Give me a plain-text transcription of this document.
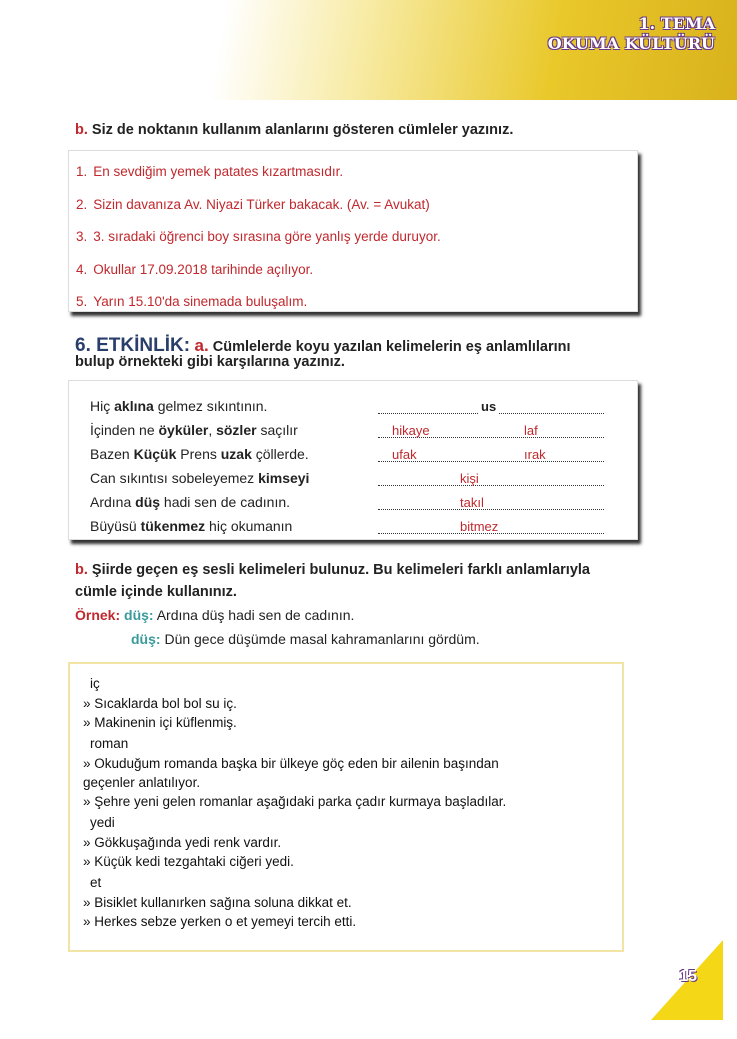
1. TEMA
OKUMA KÜLTÜRÜ
b. Siz de noktanın kullanım alanlarını gösteren cümleler yazınız.
1. En sevdiğim yemek patates kızartmasıdır.
2. Sizin davanıza Av. Niyazi Türker bakacak. (Av. = Avukat)
3. 3. sıradaki öğrenci boy sırasına göre yanlış yerde duruyor.
4. Okullar 17.09.2018 tarihinde açılıyor.
5. Yarın 15.10'da sinemada buluşalım.
6. ETKİNLİK: a. Cümlelerde koyu yazılan kelimelerin eş anlamlılarını
bulup örnekteki gibi karşılarına yazınız.
Hiç aklına gelmez sıkıntının.	us
İçinden ne öyküler, sözler saçılır	hikaye	laf
Bazen Küçük Prens uzak çöllerde.	ufak	ırak
Can sıkıntısı sobeleyemez kimseyi	kişi
Ardına düş hadi sen de cadının.	takıl
Büyüsü tükenmez hiç okumanın	bitmez
b. Şiirde geçen eş sesli kelimeleri bulunuz. Bu kelimeleri farklı anlamlarıyla
cümle içinde kullanınız.
Örnek: düş: Ardına düş hadi sen de cadının.
düş: Dün gece düşümde masal kahramanlarını gördüm.
iç
» Sıcaklarda bol bol su iç.
» Makinenin içi küflenmiş.
roman
» Okuduğum romanda başka bir ülkeye göç eden bir ailenin başından
geçenler anlatılıyor.
» Şehre yeni gelen romanlar aşağıdaki parka çadır kurmaya başladılar.
yedi
» Gökkuşağında yedi renk vardır.
» Küçük kedi tezgahtaki ciğeri yedi.
et
» Bisiklet kullanırken sağına soluna dikkat et.
» Herkes sebze yerken o et yemeyi tercih etti.
15
